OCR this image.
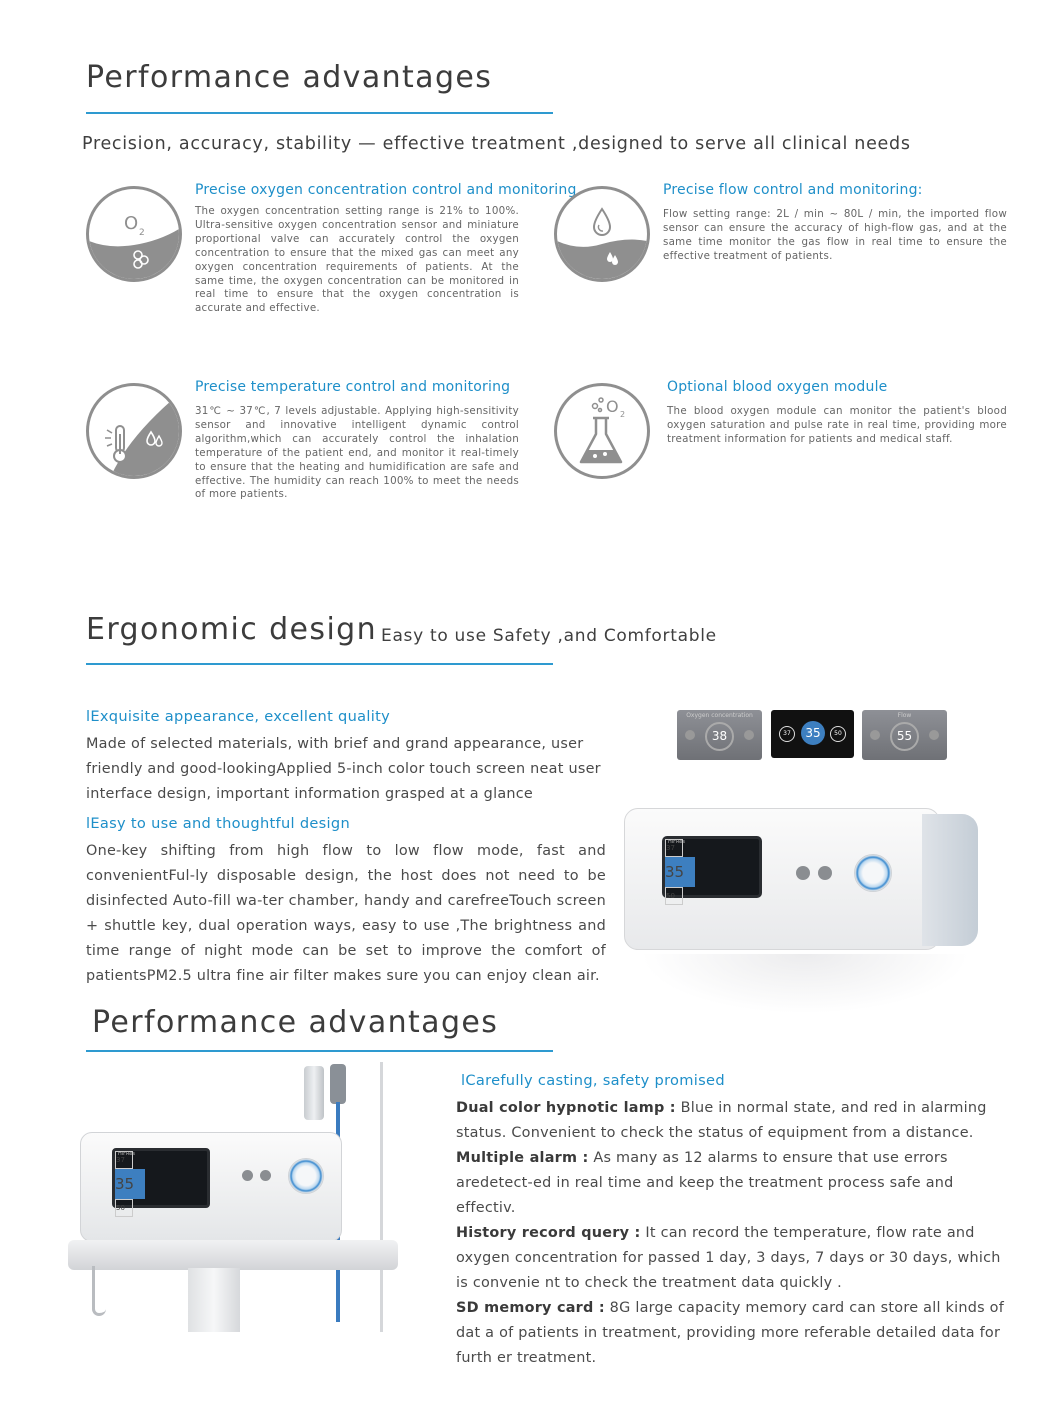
Performance advantages
Precision, accuracy, stability — effective treatment ,designed to serve all clinical needs
O 2
Precise oxygen concentration control and monitoring
The oxygen concentration setting range is 21% to 100%. Ultra-sensitive oxygen concentration sensor and miniature proportional valve can accurately control the oxygen concentration to ensure that the mixed gas can meet any oxygen concentration requirements of patients. At the same time, the oxygen concentration can be monitored in real time to ensure that the oxygen concentration is accurate and effective.
Precise flow control and monitoring:
Flow setting range: 2L / min ~ 80L / min, the imported flow sensor can ensure the accuracy of high-flow gas, and at the same time monitor the gas flow in real time to ensure the effective treatment of patients.
Precise temperature control and monitoring
31℃ ~ 37℃, 7 levels adjustable. Applying high-sensitivity sensor and innovative intelligent dynamic control algorithm,which can accurately control the inhalation temperature of the patient end, and monitor it real-timely to ensure that the heating and humidification are safe and effective. The humidity can reach 100% to meet the needs of more patients.
O 2
Optional blood oxygen module
The blood oxygen module can monitor the patient's blood oxygen saturation and pulse rate in real time, providing more treatment information for patients and medical staff.
Ergonomic design Easy to use Safety ,and Comfortable
lExquisite appearance, excellent quality
Made of selected materials, with brief and grand appearance, user friendly and good-lookingApplied 5-inch color touch screen neat user interface design, important information grasped at a glance
lEasy to use and thoughtful design
One-key shifting from high flow to low flow mode, fast and convenientFul-ly disposable design, the host does not need to be disinfected Auto-fill wa-ter chamber, handy and carefreeTouch screen + shuttle key, dual operation ways, easy to use ,The brightness and time range of night mode can be set to improve the comfort of patientsPM2.5 ultra fine air filter makes sure you can enjoy clean air.
Oxygen concentration
38	37	35	50
Flow
55
HiFRes
37
35
50
Performance advantages
HiFRes
37
35
50
lCarefully casting, safety promised
Dual color hypnotic lamp : Blue in normal state, and red in alarming status. Convenient to check the status of equipment from a distance.
Multiple alarm : As many as 12 alarms to ensure that use errors aredetect-ed in real time and keep the treatment process safe and effectiv.
History record query : It can record the temperature, flow rate and oxygen concentration for passed 1 day, 3 days, 7 days or 30 days, which is convenie nt to check the treatment data quickly .
SD memory card : 8G large capacity memory card can store all kinds of dat a of patients in treatment, providing more referable detailed data for furth er treatment.
